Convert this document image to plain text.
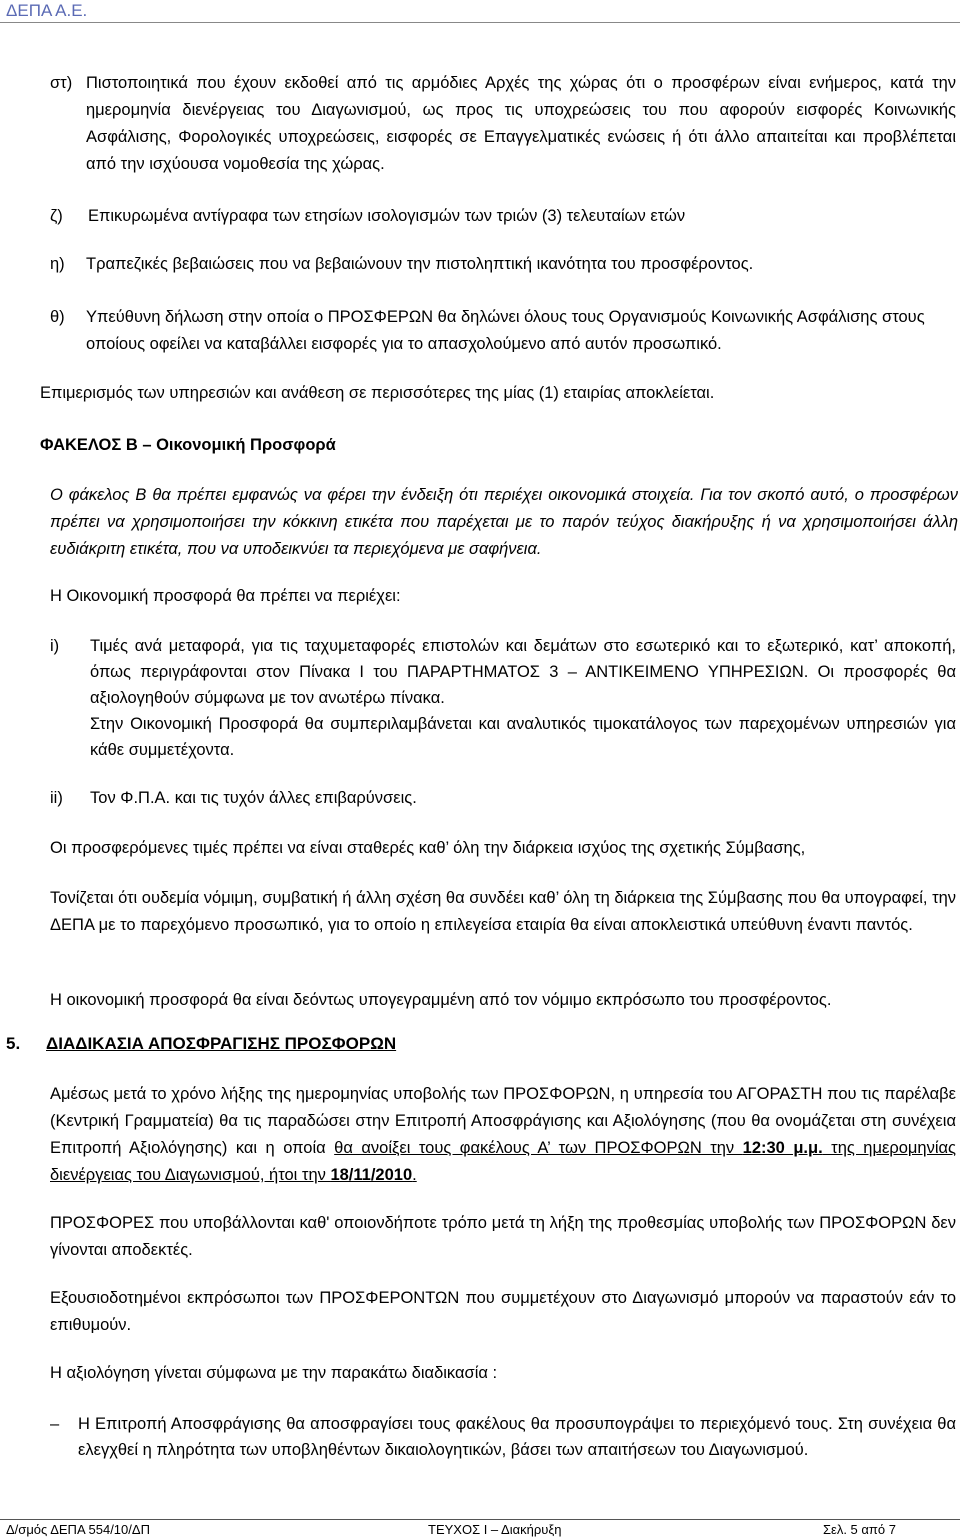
ΔΕΠΑ Α.Ε.
στ) Πιστοποιητικά που έχουν εκδοθεί από τις αρμόδιες Αρχές της χώρας ότι ο προσφέρων είναι ενήμερος, κατά την ημερομηνία διενέργειας του Διαγωνισμού, ως προς τις υποχρεώσεις του που αφορούν εισφορές Κοινωνικής Ασφάλισης, Φορολογικές υποχρεώσεις, εισφορές σε Επαγγελματικές ενώσεις ή ότι άλλο απαιτείται και προβλέπεται από την ισχύουσα νομοθεσία της χώρας.
ζ) Επικυρωμένα αντίγραφα των ετησίων ισολογισμών των τριών (3) τελευταίων ετών
η) Τραπεζικές βεβαιώσεις που να βεβαιώνουν την πιστοληπτική ικανότητα του προσφέροντος.
θ) Υπεύθυνη δήλωση στην οποία ο ΠΡΟΣΦΕΡΩΝ θα δηλώνει όλους τους Οργανισμούς Κοινωνικής Ασφάλισης στους οποίους οφείλει να καταβάλλει εισφορές για το απασχολούμενο από αυτόν προσωπικό.
Επιμερισμός των υπηρεσιών και ανάθεση σε περισσότερες της μίας (1) εταιρίας αποκλείεται.
ΦΑΚΕΛΟΣ Β – Οικονομική Προσφορά
Ο φάκελος Β θα πρέπει εμφανώς να φέρει την ένδειξη ότι περιέχει οικονομικά στοιχεία. Για τον σκοπό αυτό, ο προσφέρων πρέπει να χρησιμοποιήσει την κόκκινη ετικέτα που παρέχεται με το παρόν τεύχος διακήρυξης ή να χρησιμοποιήσει άλλη ευδιάκριτη ετικέτα, που να υποδεικνύει τα περιεχόμενα με σαφήνεια.
Η Οικονομική προσφορά θα πρέπει να περιέχει:
i) Τιμές ανά μεταφορά, για τις ταχυμεταφορές επιστολών και δεμάτων στο εσωτερικό και το εξωτερικό, κατ’ αποκοπή, όπως περιγράφονται στον Πίνακα Ι του ΠΑΡΑΡΤΗΜΑΤΟΣ 3 – ΑΝΤΙΚΕΙΜΕΝΟ ΥΠΗΡΕΣΙΩΝ. Οι προσφορές θα αξιολογηθούν σύμφωνα με τον ανωτέρω πίνακα.
Στην Οικονομική Προσφορά θα συμπεριλαμβάνεται και αναλυτικός τιμοκατάλογος των παρεχομένων υπηρεσιών για κάθε συμμετέχοντα.
ii) Τον Φ.Π.Α. και τις τυχόν άλλες επιβαρύνσεις.
Οι προσφερόμενες τιμές πρέπει να είναι σταθερές καθ’ όλη την διάρκεια ισχύος της σχετικής Σύμβασης,
Τονίζεται ότι ουδεμία νόμιμη, συμβατική ή άλλη σχέση θα συνδέει καθ’ όλη τη διάρκεια της Σύμβασης που θα υπογραφεί, την ΔΕΠΑ με το παρεχόμενο προσωπικό, για το οποίο η επιλεγείσα εταιρία θα είναι αποκλειστικά υπεύθυνη έναντι παντός.
Η οικονομική προσφορά θα είναι δεόντως υπογεγραμμένη από τον νόμιμο εκπρόσωπο του προσφέροντος.
5. ΔΙΑΔΙΚΑΣΙΑ ΑΠΟΣΦΡΑΓΙΣΗΣ ΠΡΟΣΦΟΡΩΝ
Αμέσως μετά το χρόνο λήξης της ημερομηνίας υποβολής των ΠΡΟΣΦΟΡΩΝ, η υπηρεσία του ΑΓΟΡΑΣΤΗ που τις παρέλαβε (Κεντρική Γραμματεία) θα τις παραδώσει στην Επιτροπή Αποσφράγισης και Αξιολόγησης (που θα ονομάζεται στη συνέχεια Επιτροπή Αξιολόγησης) και η οποία θα ανοίξει τους φακέλους Α’ των ΠΡΟΣΦΟΡΩΝ την 12:30 μ.μ. της ημερομηνίας διενέργειας του Διαγωνισμού, ήτοι την 18/11/2010.
ΠΡΟΣΦΟΡΕΣ που υποβάλλονται καθ' οποιονδήποτε τρόπο μετά τη λήξη της προθεσμίας υποβολής των ΠΡΟΣΦΟΡΩΝ δεν γίνονται αποδεκτές.
Εξουσιοδοτημένοι εκπρόσωποι των ΠΡΟΣΦΕΡΟΝΤΩΝ που συμμετέχουν στο Διαγωνισμό μπορούν να παραστούν εάν το επιθυμούν.
Η αξιολόγηση γίνεται σύμφωνα με την παρακάτω διαδικασία :
– Η Επιτροπή Αποσφράγισης θα αποσφραγίσει τους φακέλους θα προσυπογράψει το περιεχόμενό τους. Στη συνέχεια θα ελεγχθεί η πληρότητα των υποβληθέντων δικαιολογητικών, βάσει των απαιτήσεων του Διαγωνισμού.
Δ/σμός ΔΕΠΑ 554/10/ΔΠ	ΤΕΥΧΟΣ Ι – Διακήρυξη	Σελ. 5 από 7
